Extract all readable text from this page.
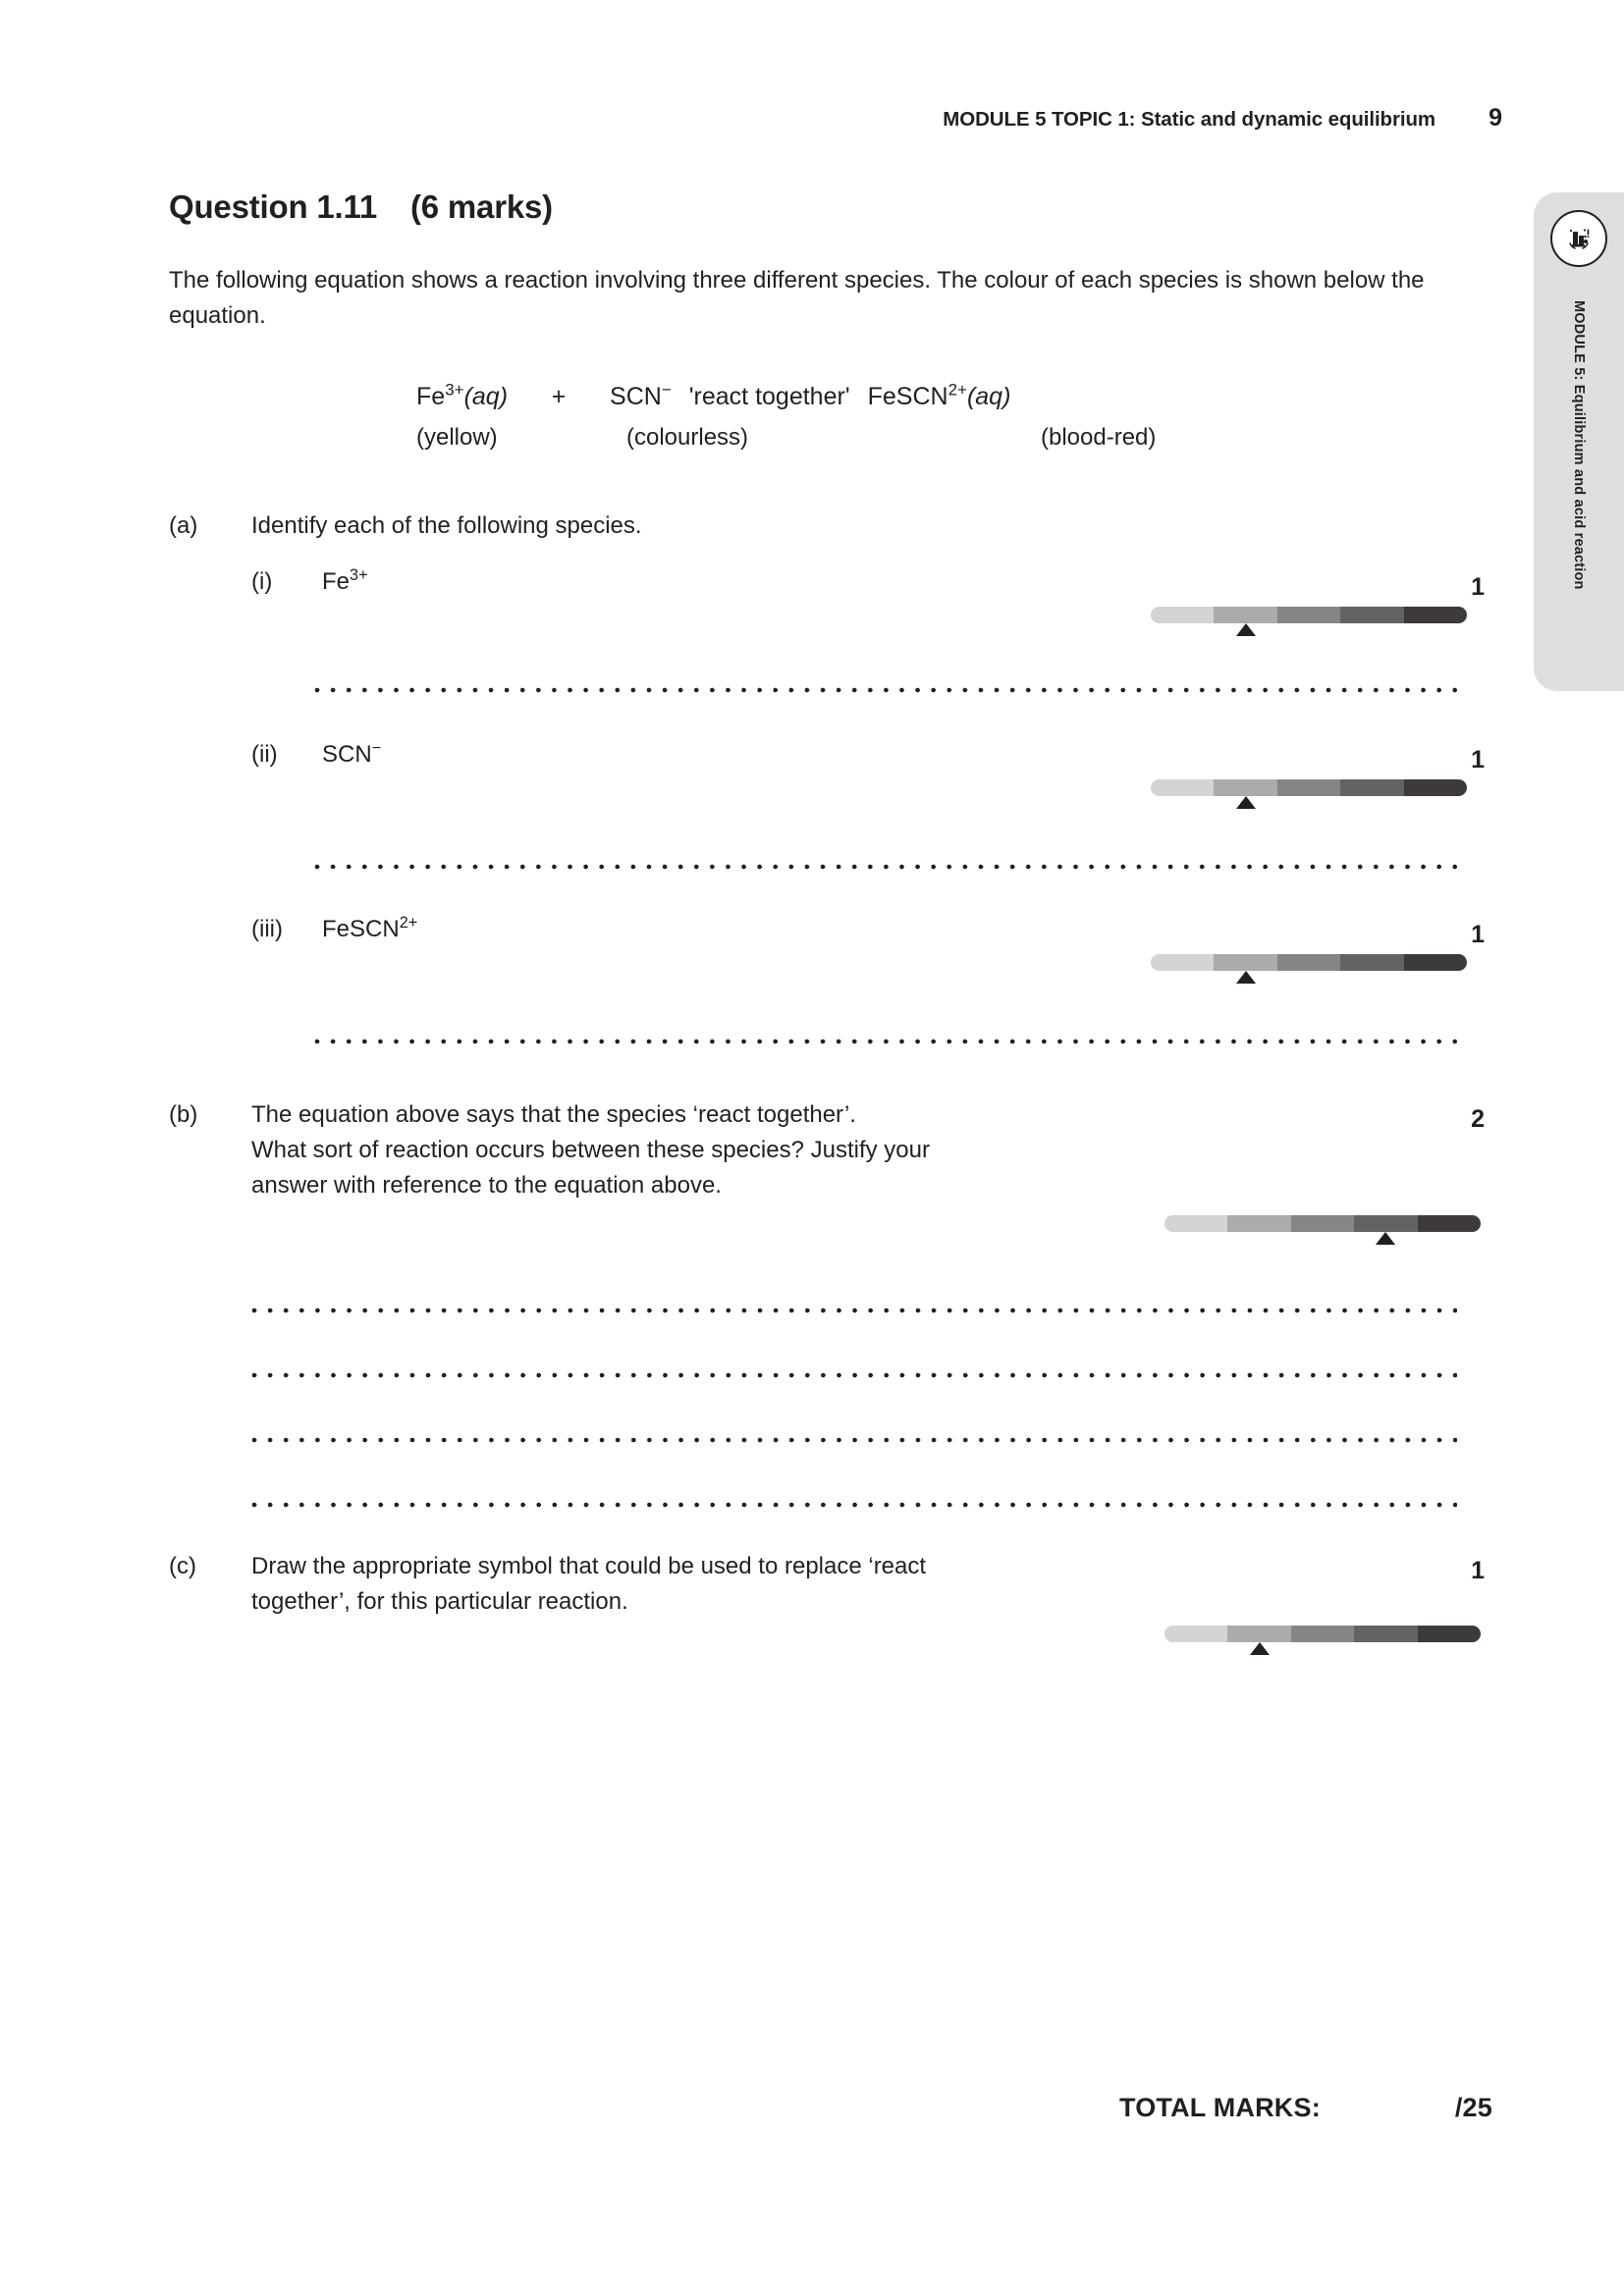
MODULE 5 TOPIC 1: Static and dynamic equilibrium	9
MODULE 5: Equilibrium and acid reaction
Question 1.11 (6 marks)
The following equation shows a reaction involving three different species. The colour of each species is shown below the equation.
$Fe^{3+}(aq) + SCN^-$ 'react together' FeSCN$^{2+}$(aq)
(yellow)	(colourless)	(blood-red)
(a)	Identify each of the following species.
(i)	$Fe^{3+}$	1
(ii)	SCN−	1
(iii)	FeSCN$^{2+}$	1
(b)	The equation above says that the species ‘react together’.
What sort of reaction occurs between these species? Justify your
answer with reference to the equation above.
2
(c)	Draw the appropriate symbol that could be used to replace ‘react
together’, for this particular reaction.
1
TOTAL MARKS:	/25
